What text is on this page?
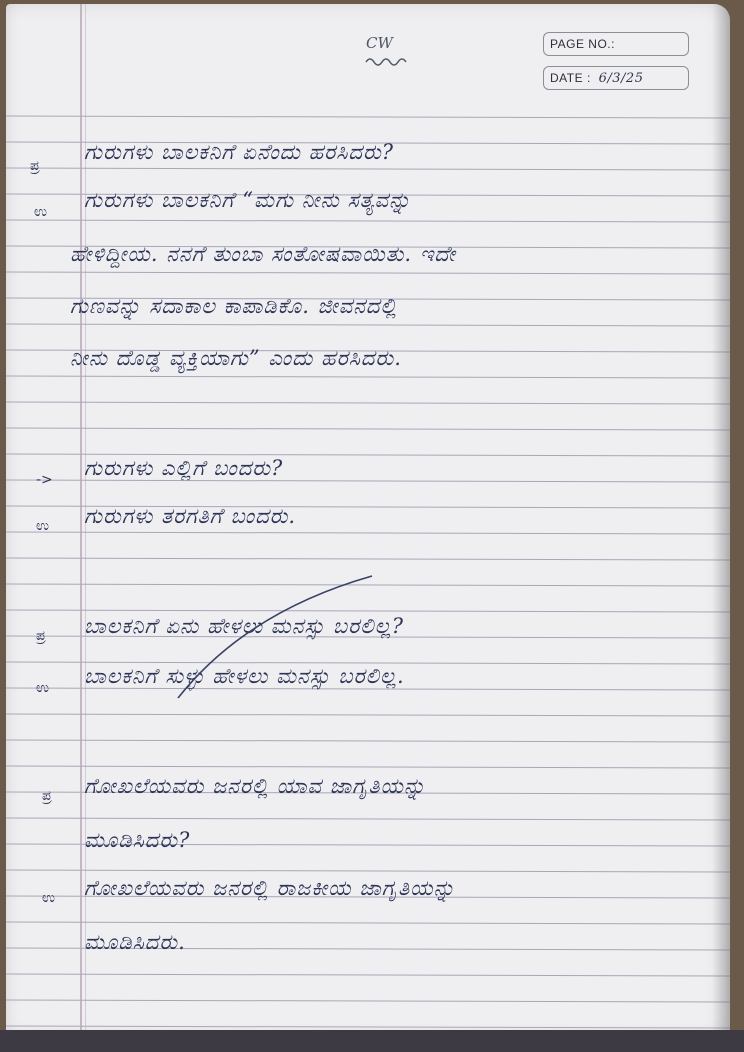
CW	PAGE NO.:
DATE : 6/3/25
ಪ್ರ
ಗುರುಗಳು ಬಾಲಕನಿಗೆ ಏನೆಂದು ಹರಸಿದರು?
ಉ ಗುರುಗಳು ಬಾಲಕನಿಗೆ “ಮಗು ನೀನು ಸತ್ಯವನ್ನು
ಹೇಳಿದ್ದೀಯ. ನನಗೆ ತುಂಬಾ ಸಂತೋಷವಾಯಿತು. ಇದೇ
ಗುಣವನ್ನು ಸದಾಕಾಲ ಕಾಪಾಡಿಕೊ. ಜೀವನದಲ್ಲಿ
ನೀನು ದೊಡ್ಡ ವ್ಯಕ್ತಿಯಾಗು” ಎಂದು ಹರಸಿದರು.
-> ಗುರುಗಳು ಎಲ್ಲಿಗೆ ಬಂದರು?
ಉ ಗುರುಗಳು ತರಗತಿಗೆ ಬಂದರು.
ಪ್ರ ಬಾಲಕನಿಗೆ ಏನು ಹೇಳಲು ಮನಸ್ಸು ಬರಲಿಲ್ಲ?
ಉ ಬಾಲಕನಿಗೆ ಸುಳ್ಳು ಹೇಳಲು ಮನಸ್ಸು ಬರಲಿಲ್ಲ.
ಪ್ರ ಗೋಖಲೆಯವರು ಜನರಲ್ಲಿ ಯಾವ ಜಾಗೃತಿಯನ್ನು
ಮೂಡಿಸಿದರು?
ಉ ಗೋಖಲೆಯವರು ಜನರಲ್ಲಿ ರಾಜಕೀಯ ಜಾಗೃತಿಯನ್ನು
ಮೂಡಿಸಿದರು.
